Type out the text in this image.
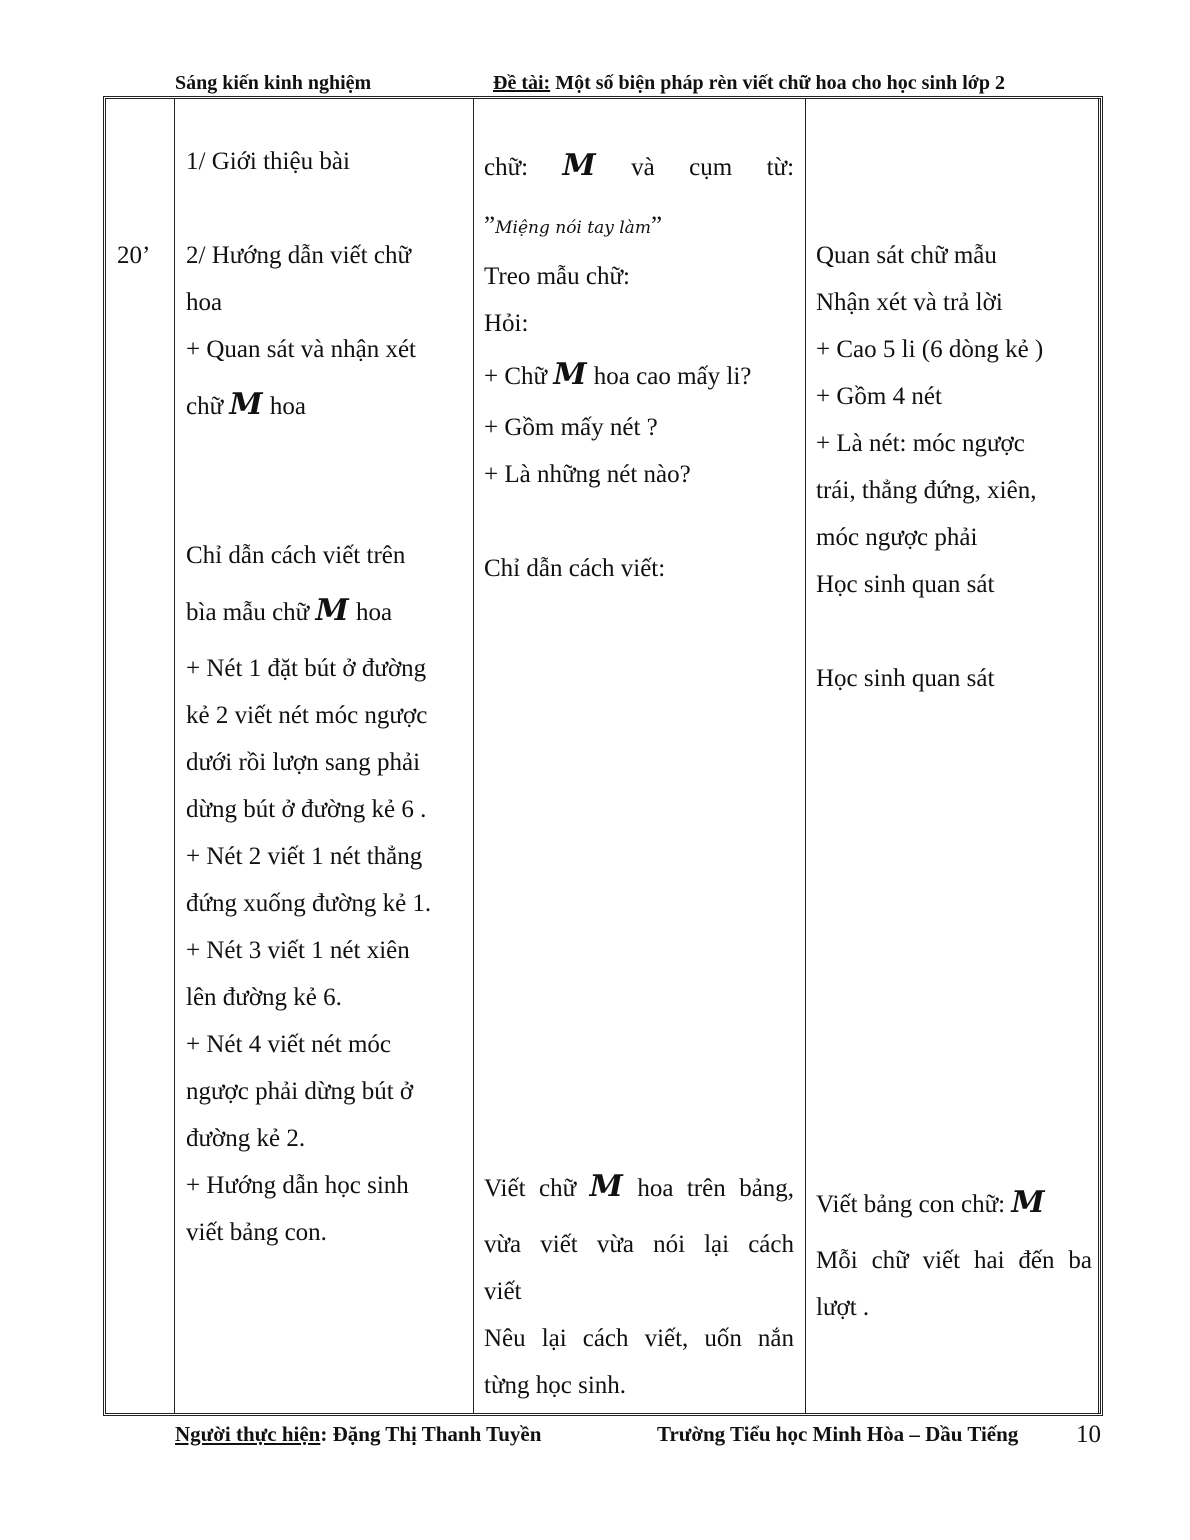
Sáng kiến kinh nghiệm	Đề tài: Một số biện pháp rèn viết chữ hoa cho học sinh lớp 2
20’
1/ Giới thiệu bài
2/ Hướng dẫn viết chữ
hoa
+ Quan sát và nhận xét
chữ M hoa
Chỉ dẫn cách viết trên
bìa mẫu chữ M hoa
+ Nét 1 đặt bút ở đường
kẻ 2 viết nét móc ngược
dưới rồi lượn sang phải
dừng bút ở đường kẻ 6 .
+ Nét 2 viết 1 nét thẳng
đứng xuống đường kẻ 1.
+ Nét 3 viết 1 nét xiên
lên đường kẻ 6.
+ Nét 4 viết nét móc
ngược phải dừng bút ở
đường kẻ 2.
+ Hướng dẫn học sinh
viết bảng con.
chữ: M và cụm từ:
”Miệng nói tay làm”
Treo mẫu chữ:
Hỏi:
+ Chữ M hoa cao mấy li?
+ Gồm mấy nét ?
+ Là những nét nào?
Chỉ dẫn cách viết:
Viết chữ M hoa trên bảng,
vừa viết vừa nói lại cách
viết
Nêu lại cách viết, uốn nắn
từng học sinh.
Quan sát chữ mẫu
Nhận xét và trả lời
+ Cao 5 li (6 dòng kẻ )
+ Gồm 4 nét
+ Là nét: móc ngược
trái, thẳng đứng, xiên,
móc ngược phải
Học sinh quan sát
Học sinh quan sát
Viết bảng con chữ: M
Mỗi chữ viết hai đến ba
lượt .
Người thực hiện: Đặng Thị Thanh Tuyền	Trường Tiểu học Minh Hòa – Dầu Tiếng 10
